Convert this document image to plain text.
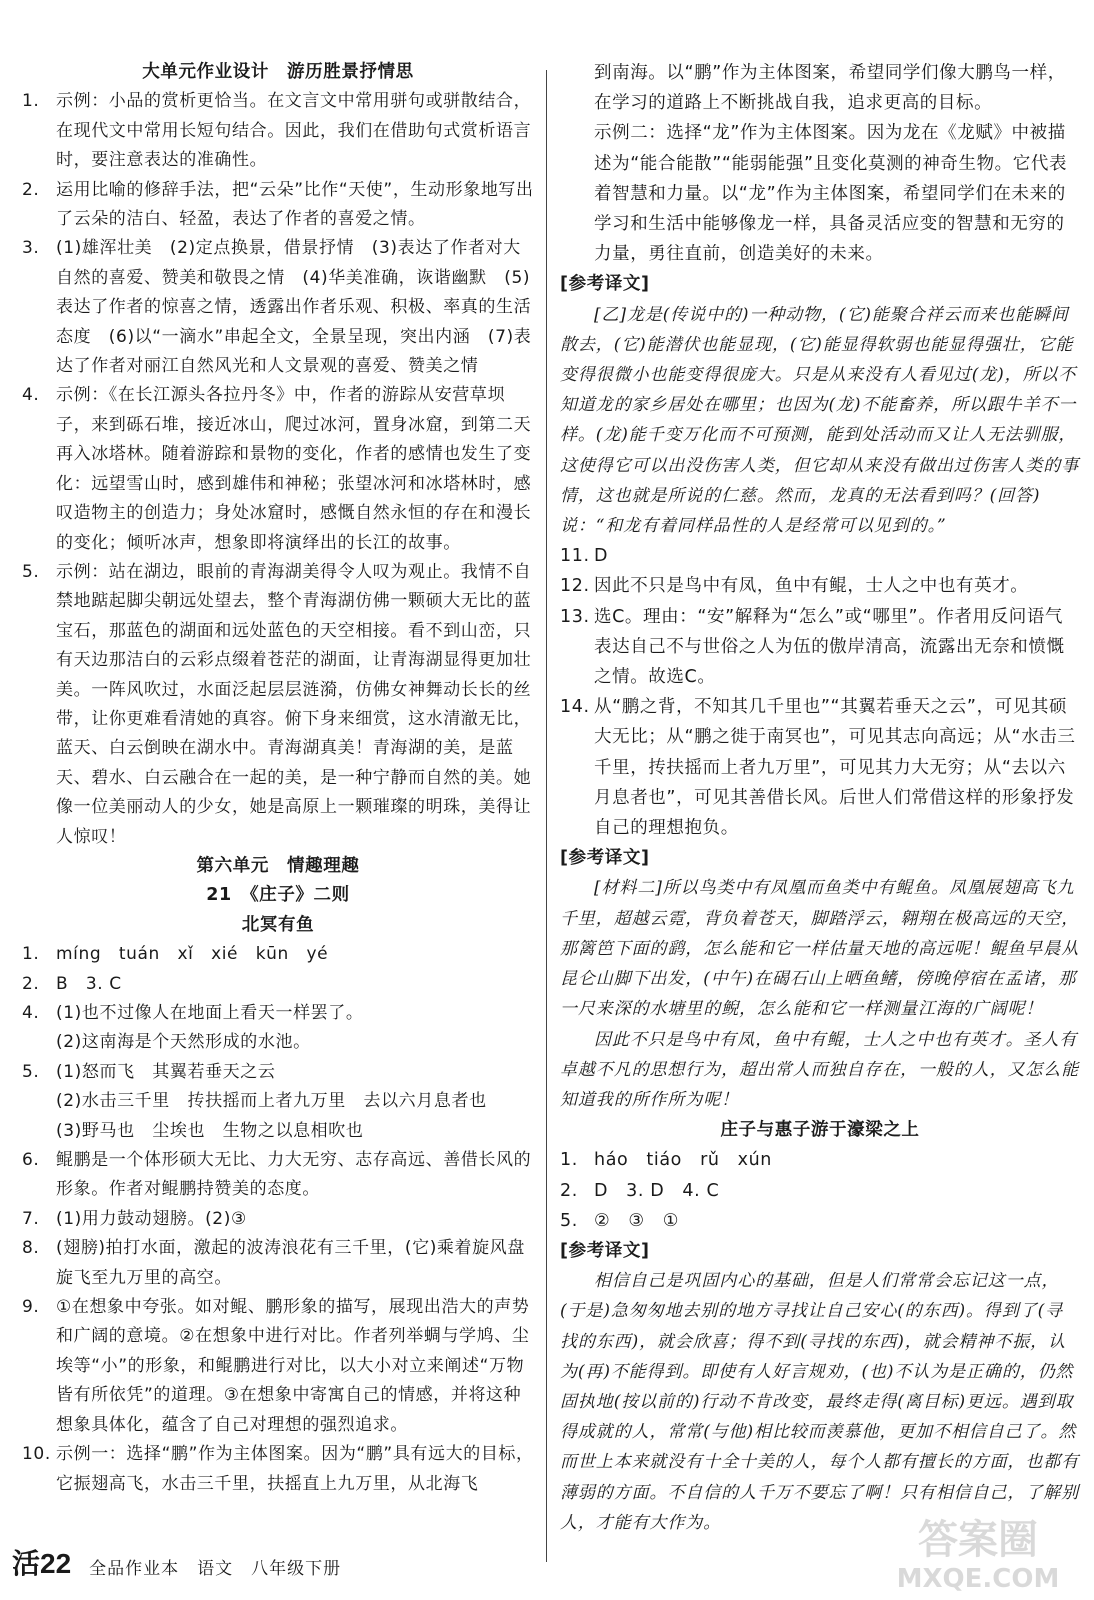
大单元作业设计　游历胜景抒情思

1. 示例：小品的赏析更恰当。在文言文中常用骈句或骈散结合，在现代文中常用长短句结合。因此，我们在借助句式赏析语言时，要注意表达的准确性。

2. 运用比喻的修辞手法，把“云朵”比作“天使”，生动形象地写出了云朵的洁白、轻盈，表达了作者的喜爱之情。

3. (1)雄浑壮美　(2)定点换景，借景抒情　(3)表达了作者对大自然的喜爱、赞美和敬畏之情　(4)华美准确，诙谐幽默　(5)表达了作者的惊喜之情，透露出作者乐观、积极、率真的生活态度　(6)以“一滴水”串起全文，全景呈现，突出内涵　(7)表达了作者对丽江自然风光和人文景观的喜爱、赞美之情

4. 示例：《在长江源头各拉丹冬》中，作者的游踪从安营草坝子，来到砾石堆，接近冰山，爬过冰河，置身冰窟，到第二天再入冰塔林。随着游踪和景物的变化，作者的感情也发生了变化：远望雪山时，感到雄伟和神秘；张望冰河和冰塔林时，感叹造物主的创造力；身处冰窟时，感慨自然永恒的存在和漫长的变化；倾听冰声，想象即将演绎出的长江的故事。

5. 示例：站在湖边，眼前的青海湖美得令人叹为观止。我情不自禁地踮起脚尖朝远处望去，整个青海湖仿佛一颗硕大无比的蓝宝石，那蓝色的湖面和远处蓝色的天空相接。看不到山峦，只有天边那洁白的云彩点缀着苍茫的湖面，让青海湖显得更加壮美。一阵风吹过，水面泛起层层涟漪，仿佛女神舞动长长的丝带，让你更难看清她的真容。俯下身来细赏，这水清澈无比，蓝天、白云倒映在湖水中。青海湖真美！青海湖的美，是蓝天、碧水、白云融合在一起的美，是一种宁静而自然的美。她像一位美丽动人的少女，她是高原上一颗璀璨的明珠，美得让人惊叹！

第六单元　情趣理趣

21　《庄子》二则

北冥有鱼

1. míng　tuán　xǐ　xié　kūn　yé

2. B　3. C

4. (1)也不过像人在地面上看天一样罢了。

(2)这南海是个天然形成的水池。

5. (1)怒而飞　其翼若垂天之云

(2)水击三千里　抟扶摇而上者九万里　去以六月息者也

(3)野马也　尘埃也　生物之以息相吹也

6. 鲲鹏是一个体形硕大无比、力大无穷、志存高远、善借长风的形象。作者对鲲鹏持赞美的态度。

7. (1)用力鼓动翅膀。(2)③

8. (翅膀)拍打水面，激起的波涛浪花有三千里，(它)乘着旋风盘旋飞至九万里的高空。

9. ①在想象中夸张。如对鲲、鹏形象的描写，展现出浩大的声势和广阔的意境。②在想象中进行对比。作者列举蜩与学鸠、尘埃等“小”的形象，和鲲鹏进行对比，以大小对立来阐述“万物皆有所依凭”的道理。③在想象中寄寓自己的情感，并将这种想象具体化，蕴含了自己对理想的强烈追求。

10. 示例一：选择“鹏”作为主体图案。因为“鹏”具有远大的目标，它振翅高飞，水击三千里，扶摇直上九万里，从北海飞

到南海。以“鹏”作为主体图案，希望同学们像大鹏鸟一样，在学习的道路上不断挑战自我，追求更高的目标。

示例二：选择“龙”作为主体图案。因为龙在《龙赋》中被描述为“能合能散”“能弱能强”且变化莫测的神奇生物。它代表着智慧和力量。以“龙”作为主体图案，希望同学们在未来的学习和生活中能够像龙一样，具备灵活应变的智慧和无穷的力量，勇往直前，创造美好的未来。

[参考译文]

[乙]龙是(传说中的)一种动物，(它)能聚合祥云而来也能瞬间散去，(它)能潜伏也能显现，(它)能显得软弱也能显得强壮，它能变得很微小也能变得很庞大。只是从来没有人看见过(龙)，所以不知道龙的家乡居处在哪里；也因为(龙)不能畜养，所以跟牛羊不一样。(龙)能千变万化而不可预测，能到处活动而又让人无法驯服，这使得它可以出没伤害人类，但它却从来没有做出过伤害人类的事情，这也就是所说的仁慈。然而，龙真的无法看到吗？(回答)说：“和龙有着同样品性的人是经常可以见到的。”

11. D

12. 因此不只是鸟中有凤，鱼中有鲲，士人之中也有英才。

13. 选C。理由：“安”解释为“怎么”或“哪里”。作者用反问语气表达自己不与世俗之人为伍的傲岸清高，流露出无奈和愤慨之情。故选C。

14. 从“鹏之背，不知其几千里也”“其翼若垂天之云”，可见其硕大无比；从“鹏之徙于南冥也”，可见其志向高远；从“水击三千里，抟扶摇而上者九万里”，可见其力大无穷；从“去以六月息者也”，可见其善借长风。后世人们常借这样的形象抒发自己的理想抱负。

[参考译文]

[材料二]所以鸟类中有凤凰而鱼类中有鲲鱼。凤凰展翅高飞九千里，超越云霓，背负着苍天，脚踏浮云，翱翔在极高远的天空，那篱笆下面的鹞，怎么能和它一样估量天地的高远呢！鲲鱼早晨从昆仑山脚下出发，(中午)在碣石山上晒鱼鳍，傍晚停宿在孟诸，那一尺来深的水塘里的鲵，怎么能和它一样测量江海的广阔呢！

因此不只是鸟中有凤，鱼中有鲲，士人之中也有英才。圣人有卓越不凡的思想行为，超出常人而独自存在，一般的人，又怎么能知道我的所作所为呢！

庄子与惠子游于濠梁之上

1. háo　tiáo　rǔ　xún

2. D　3. D　4. C

5. ②　③　①

[参考译文]

相信自己是巩固内心的基础，但是人们常常会忘记这一点，(于是)急匆匆地去别的地方寻找让自己安心(的东西)。得到了(寻找的东西)，就会欣喜；得不到(寻找的东西)，就会精神不振，认为(再)不能得到。即使有人好言规劝，(也)不认为是正确的，仍然固执地(按以前的)行动不肯改变，最终走得(离目标)更远。遇到取得成就的人，常常(与他)相比较而羡慕他，更加不相信自己了。然而世上本来就没有十全十美的人，每个人都有擅长的方面，也都有薄弱的方面。不自信的人千万不要忘了啊！只有相信自己，了解别人，才能有大作为。

活22 全品作业本　语文　八年级下册
答案圈
MXQE.COM
